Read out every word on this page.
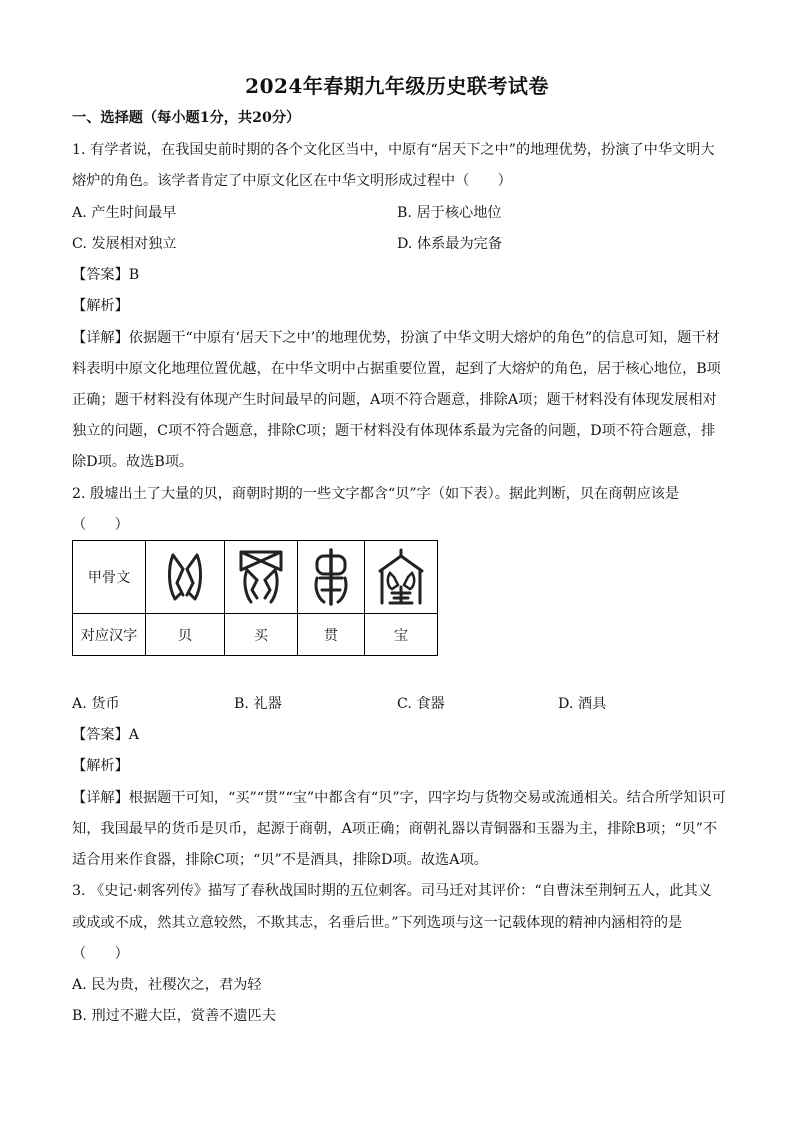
2024年春期九年级历史联考试卷
一、选择题（每小题1分，共20分）
1. 有学者说，在我国史前时期的各个文化区当中，中原有“居天下之中”的地理优势，扮演了中华文明大
熔炉的角色。该学者肯定了中原文化区在中华文明形成过程中（　　）
A. 产生时间最早	B. 居于核心地位
C. 发展相对独立	D. 体系最为完备
【答案】B
【解析】
【详解】依据题干“中原有‘居天下之中’的地理优势，扮演了中华文明大熔炉的角色”的信息可知，题干材
料表明中原文化地理位置优越，在中华文明中占据重要位置，起到了大熔炉的角色，居于核心地位，B项
正确；题干材料没有体现产生时间最早的问题，A项不符合题意，排除A项；题干材料没有体现发展相对
独立的问题，C项不符合题意，排除C项；题干材料没有体现体系最为完备的问题，D项不符合题意，排
除D项。故选B项。
2. 殷墟出土了大量的贝，商朝时期的一些文字都含“贝”字（如下表）。据此判断，贝在商朝应该是
（　　）
甲骨文	

对应汉字	贝	买	贯	宝
A. 货币	B. 礼器	C. 食器	D. 酒具
【答案】A
【解析】
【详解】根据题干可知，“买”“贯”“宝”中都含有“贝”字，四字均与货物交易或流通相关。结合所学知识可
知，我国最早的货币是贝币，起源于商朝，A项正确；商朝礼器以青铜器和玉器为主，排除B项；“贝”不
适合用来作食器，排除C项；“贝”不是酒具，排除D项。故选A项。
3. 《史记·刺客列传》描写了春秋战国时期的五位刺客。司马迁对其评价：“自曹沫至荆轲五人，此其义
或成或不成，然其立意较然，不欺其志，名垂后世。”下列选项与这一记载体现的精神内涵相符的是
（　　）
A. 民为贵，社稷次之，君为轻
B. 刑过不避大臣，赏善不遗匹夫
